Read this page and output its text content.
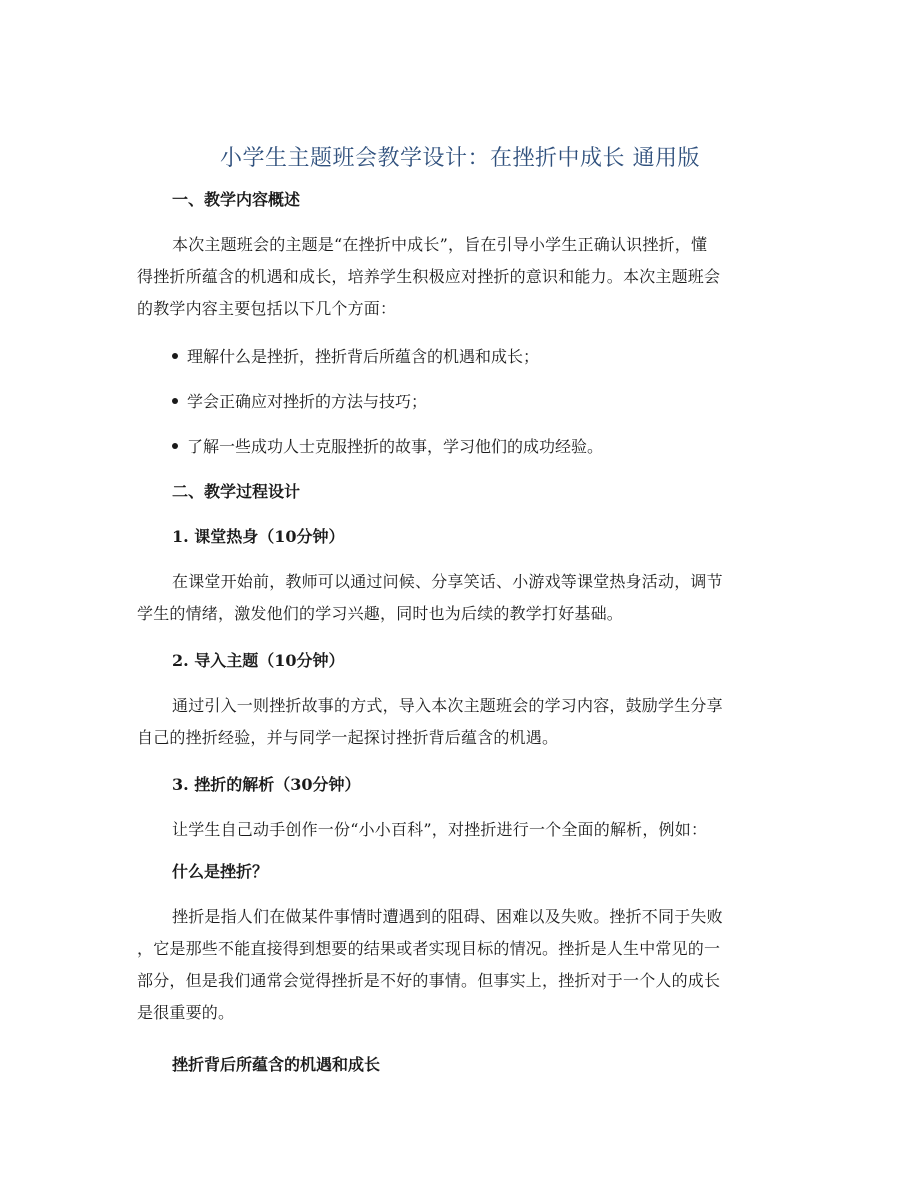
小学生主题班会教学设计：在挫折中成长 通用版
一、教学内容概述
本次主题班会的主题是“在挫折中成长”，旨在引导小学生正确认识挫折，懂
得挫折所蕴含的机遇和成长，培养学生积极应对挫折的意识和能力。本次主题班会
的教学内容主要包括以下几个方面：
理解什么是挫折，挫折背后所蕴含的机遇和成长；
学会正确应对挫折的方法与技巧；
了解一些成功人士克服挫折的故事，学习他们的成功经验。
二、教学过程设计
1. 课堂热身（10分钟）
在课堂开始前，教师可以通过问候、分享笑话、小游戏等课堂热身活动，调节
学生的情绪，激发他们的学习兴趣，同时也为后续的教学打好基础。
2. 导入主题（10分钟）
通过引入一则挫折故事的方式，导入本次主题班会的学习内容，鼓励学生分享
自己的挫折经验，并与同学一起探讨挫折背后蕴含的机遇。
3. 挫折的解析（30分钟）
让学生自己动手创作一份“小小百科”，对挫折进行一个全面的解析，例如：
什么是挫折？
挫折是指人们在做某件事情时遭遇到的阻碍、困难以及失败。挫折不同于失败
，它是那些不能直接得到想要的结果或者实现目标的情况。挫折是人生中常见的一
部分，但是我们通常会觉得挫折是不好的事情。但事实上，挫折对于一个人的成长
是很重要的。
挫折背后所蕴含的机遇和成长
